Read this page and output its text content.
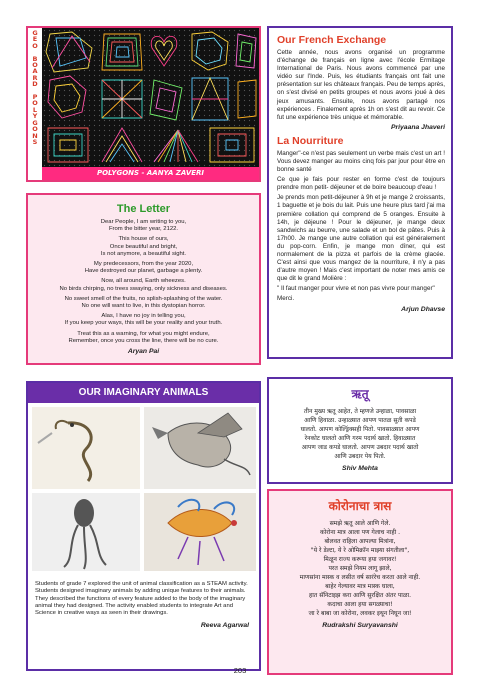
G
E
O

B
O
A
R
D

P
O
L
Y
G
O
N
S
POLYGONS - AANYA ZAVERI
Our French Exchange

Cette année, nous avons organisé un programme d'échange de français en ligne avec l'école Ermitage International de Paris. Nous avons commencé par une vidéo sur l'Inde. Puis, les étudiants français ont fait une présentation sur les châteaux français. Peu de temps après, on s'est divisé en petits groupes et nous avons joué à des jeux amusants. Ensuite, nous avons partagé nos expériences . Finalement après 1h on s'est dit au revoir. Ce fut une expérience très unique et mémorable.

Priyaana Jhaveri
La Nourriture

Manger"-ce n'est pas seulement un verbe mais c'est un art ! Vous devez manger au moins cinq fois par jour pour être en bonne santé

Ce que je fais pour rester en forme c'est de toujours prendre mon petit- déjeuner et de boire beaucoup d'eau !

Je prends mon petit-déjeuner à 9h et je mange 2 croissants, 1 baguette et je bois du lait. Puis une heure plus tard j'ai ma première collation qui comprend de 5 oranges. Ensuite à 14h, je déjeune ! Pour le déjeuner, je mange deux sandwichs au beurre, une salade et un bol de pâtes. Puis à 17h00. Je mange une autre collation qui est généralement du pop-corn. Enfin, je mange mon dîner, qui est normalement de la pizza et parfois de la crème glacée. C'est ainsi que vous mangez de la nourriture, il n'y a pas d'autre moyen ! Mais c'est important de noter mes amis ce que dit le grand Molière :

" Il faut manger pour vivre et non pas vivre pour manger"

Merci.

Arjun Dhavse
The Letter

Dear People, I am writing to you,
From the bitter year, 2122.

This house of ours,
Once beautiful and bright,
Is not anymore, a beautiful sight.

My predecessors, from the year 2020,
Have destroyed our planet, garbage a plenty.

Now, all around, Earth wheezes.
No birds chirping, no trees swaying, only sickness and diseases.

No sweet smell of the fruits, no splish-splashing of the water.
No one will want to live, in this dystopian horror.

Alas, I have no joy in telling you,
If you keep your ways, this will be your reality and your truth.

Treat this as a warning, for what you might endure,
Remember, once you cross the line, there will be no cure.

Aryan Pai
OUR IMAGINARY ANIMALS
Students of grade 7 explored the unit of animal classification as a STEAM activity. Students designed imaginary animals by adding unique features to their animals. They described the functions of every feature added to the body of the imaginary animal they had designed. The activity enabled students to integrate Art and Science in creative ways as seen in their drawings.
Reeva Agarwal
ऋतू

तीन मुख्य ऋतू आहेत, ते म्हणजे उन्हाळा, पावसाळा

आणि हिवाळा. उन्हाळ्यात आपण पातळ सुती कपडे

घालतो. आपण कोल्ड्रिंक्सही पितो. पावसाळ्यात आपण

रेनकोट घालतो आणि गरम पदार्थ खातो. हिवाळ्यात

आपण जाड कपडे घालतो. आपण उबदार पदार्थ खातो

आणि उबदार पेय पितो.

Shiv Mehta
कोरोनाचा त्रास

समझे ऋतू आले आणि गेले.

कोरोना मात्र आला पण गेलाच नाही .

बोलवत राहिला आपल्या मित्रांना,

"ये रे डेल्टा, ये रे ओमिक्रॉन माझ्या संगतीला",

मिळून राज्य करूया हया जगावर!

परत समझे नियम लागू झाले,

माणसांना मास्क व लसीत वर्ष सारंरेच करता आले नाही.

बाहेर गेल्यावर मात्र मास्क घाला,

हात सॅनिटाइझ करा आणि सुरक्षित अंतर पाळा.

कदाचा आला हया सगळ्याचा!

जा रे बाबा जा कोरोना, लवकर इथून निघून जा!

Rudrakshi Suryavanshi
203
